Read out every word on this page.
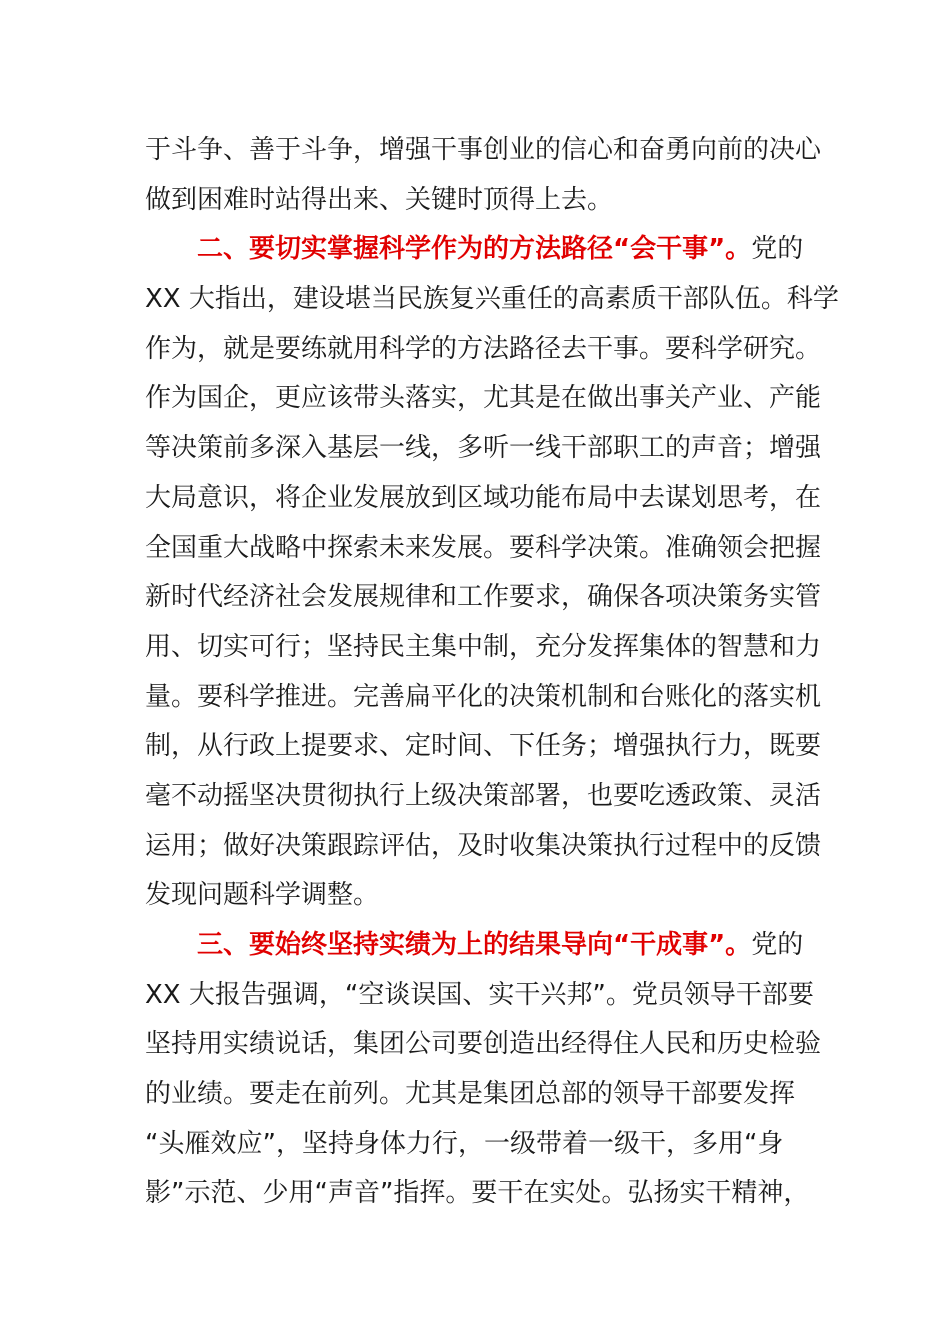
于斗争、善于斗争，增强干事创业的信心和奋勇向前的决心
做到困难时站得出来、关键时顶得上去。
二、要切实掌握科学作为的方法路径“会干事”。党的
XX 大指出，建设堪当民族复兴重任的高素质干部队伍。科学
作为，就是要练就用科学的方法路径去干事。要科学研究。
作为国企，更应该带头落实，尤其是在做出事关产业、产能
等决策前多深入基层一线，多听一线干部职工的声音；增强
大局意识，将企业发展放到区域功能布局中去谋划思考，在
全国重大战略中探索未来发展。要科学决策。准确领会把握
新时代经济社会发展规律和工作要求，确保各项决策务实管
用、切实可行；坚持民主集中制，充分发挥集体的智慧和力
量。要科学推进。完善扁平化的决策机制和台账化的落实机
制，从行政上提要求、定时间、下任务；增强执行力，既要
毫不动摇坚决贯彻执行上级决策部署，也要吃透政策、灵活
运用；做好决策跟踪评估，及时收集决策执行过程中的反馈
发现问题科学调整。
三、要始终坚持实绩为上的结果导向“干成事”。党的
XX 大报告强调，“空谈误国、实干兴邦”。党员领导干部要
坚持用实绩说话，集团公司要创造出经得住人民和历史检验
的业绩。要走在前列。尤其是集团总部的领导干部要发挥
“头雁效应”，坚持身体力行，一级带着一级干，多用“身
影”示范、少用“声音”指挥。要干在实处。弘扬实干精神，
